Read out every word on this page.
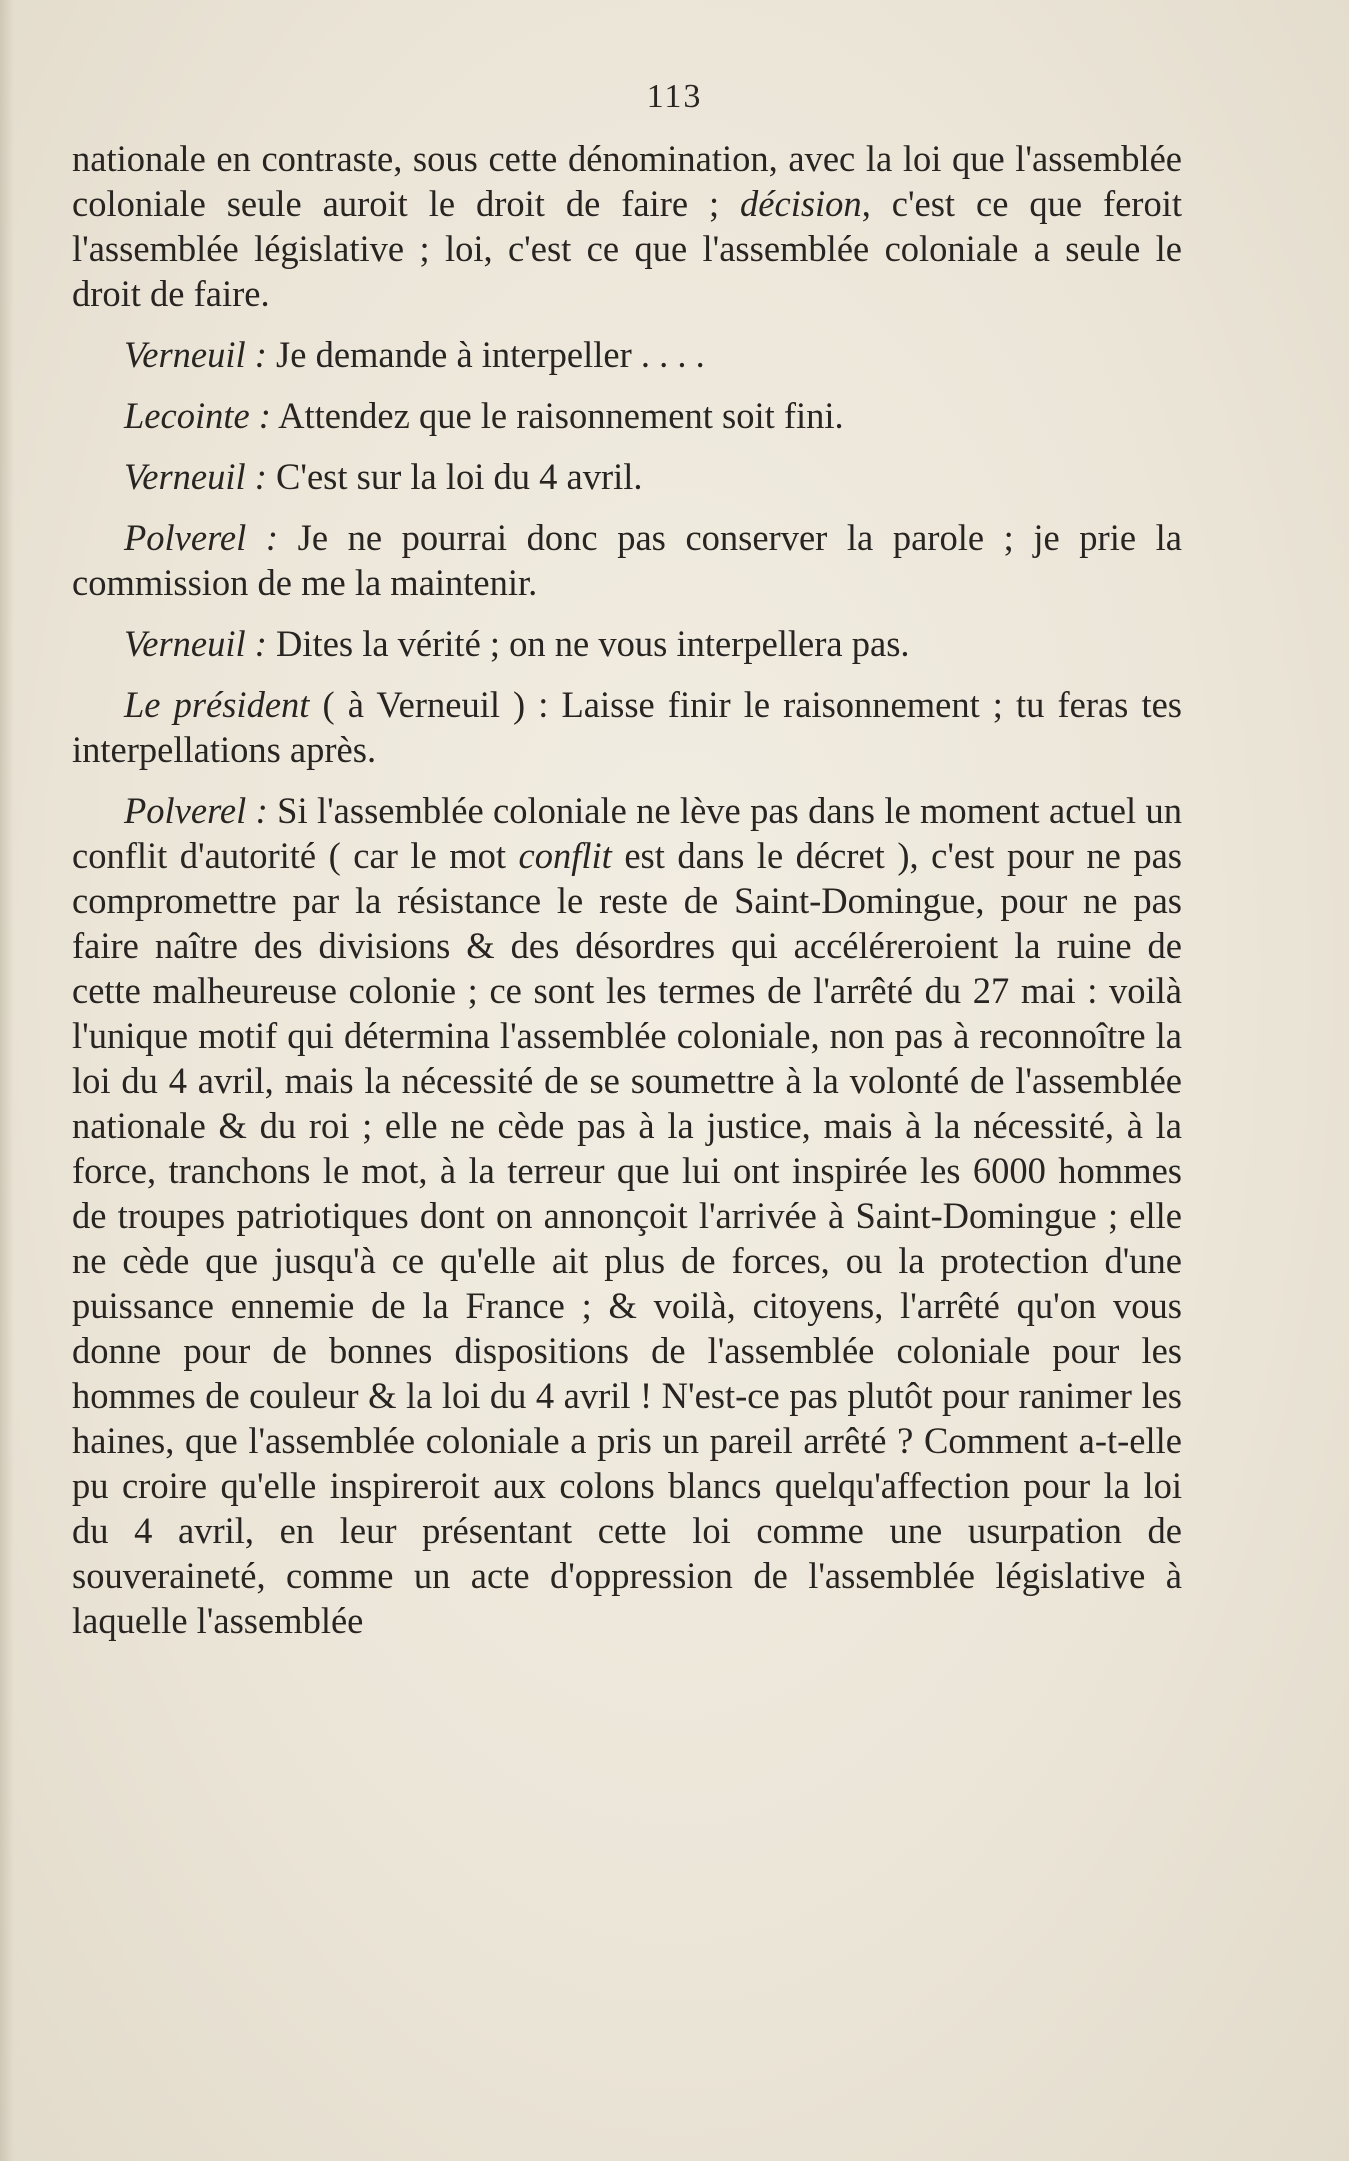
113

nationale en contraste, sous cette dénomination, avec la loi que l'assemblée coloniale seule auroit le droit de faire ; décision, c'est ce que feroit l'assemblée législative ; loi, c'est ce que l'assemblée coloniale a seule le droit de faire.

Verneuil : Je demande à interpeller . . . .

Lecointe : Attendez que le raisonnement soit fini.

Verneuil : C'est sur la loi du 4 avril.

Polverel : Je ne pourrai donc pas conserver la parole ; je prie la commission de me la maintenir.

Verneuil : Dites la vérité ; on ne vous interpellera pas.

Le président ( à Verneuil ) : Laisse finir le raisonnement ; tu feras tes interpellations après.

Polverel : Si l'assemblée coloniale ne lève pas dans le moment actuel un conflit d'autorité ( car le mot conflit est dans le décret ), c'est pour ne pas compromettre par la résistance le reste de Saint-Domingue, pour ne pas faire naître des divisions & des désordres qui accéléreroient la ruine de cette malheureuse colonie ; ce sont les termes de l'arrêté du 27 mai : voilà l'unique motif qui détermina l'assemblée coloniale, non pas à reconnoître la loi du 4 avril, mais la nécessité de se soumettre à la volonté de l'assemblée nationale & du roi ; elle ne cède pas à la justice, mais à la nécessité, à la force, tranchons le mot, à la terreur que lui ont inspirée les 6000 hommes de troupes patriotiques dont on annonçoit l'arrivée à Saint-Domingue ; elle ne cède que jusqu'à ce qu'elle ait plus de forces, ou la protection d'une puissance ennemie de la France ; & voilà, citoyens, l'arrêté qu'on vous donne pour de bonnes dispositions de l'assemblée coloniale pour les hommes de couleur & la loi du 4 avril ! N'est-ce pas plutôt pour ranimer les haines, que l'assemblée coloniale a pris un pareil arrêté ? Comment a-t-elle pu croire qu'elle inspireroit aux colons blancs quelqu'affection pour la loi du 4 avril, en leur présentant cette loi comme une usurpation de souveraineté, comme un acte d'oppression de l'assemblée législative à laquelle l'assemblée
